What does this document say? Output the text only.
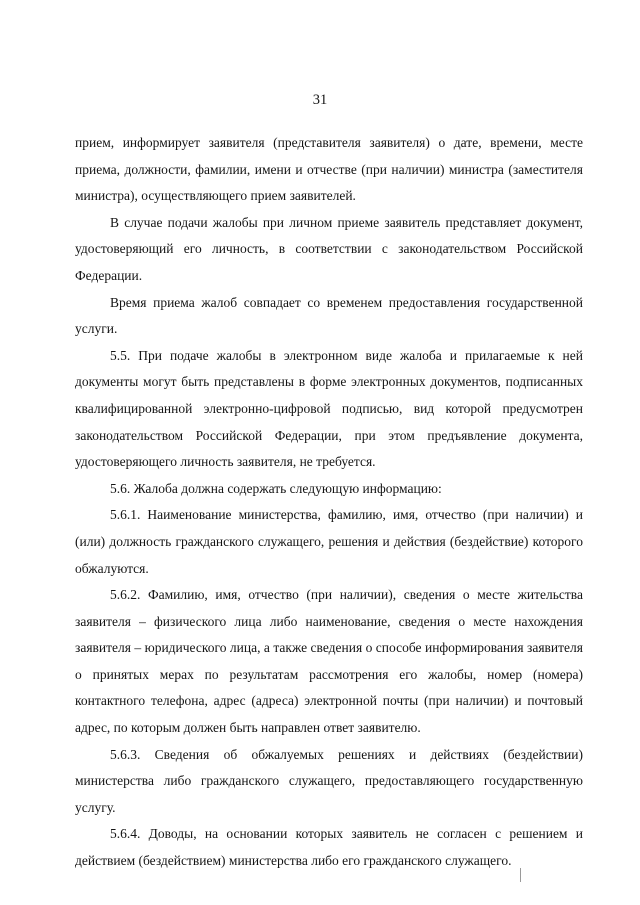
31

прием, информирует заявителя (представителя заявителя) о дате, времени, месте приема, должности, фамилии, имени и отчестве (при наличии) министра (заместителя министра), осуществляющего прием заявителей.

В случае подачи жалобы при личном приеме заявитель представляет документ, удостоверяющий его личность, в соответствии с законодательством Российской Федерации.

Время приема жалоб совпадает со временем предоставления государственной услуги.

5.5. При подаче жалобы в электронном виде жалоба и прилагаемые к ней документы могут быть представлены в форме электронных документов, подписанных квалифицированной электронно-цифровой подписью, вид которой предусмотрен законодательством Российской Федерации, при этом предъявление документа, удостоверяющего личность заявителя, не требуется.

5.6. Жалоба должна содержать следующую информацию:

5.6.1. Наименование министерства, фамилию, имя, отчество (при наличии) и (или) должность гражданского служащего, решения и действия (бездействие) которого обжалуются.

5.6.2. Фамилию, имя, отчество (при наличии), сведения о месте жительства заявителя – физического лица либо наименование, сведения о месте нахождения заявителя – юридического лица, а также сведения о способе информирования заявителя о принятых мерах по результатам рассмотрения его жалобы, номер (номера) контактного телефона, адрес (адреса) электронной почты (при наличии) и почтовый адрес, по которым должен быть направлен ответ заявителю.

5.6.3. Сведения об обжалуемых решениях и действиях (бездействии) министерства либо гражданского служащего, предоставляющего государственную услугу.

5.6.4. Доводы, на основании которых заявитель не согласен с решением и действием (бездействием) министерства либо его гражданского служащего.
